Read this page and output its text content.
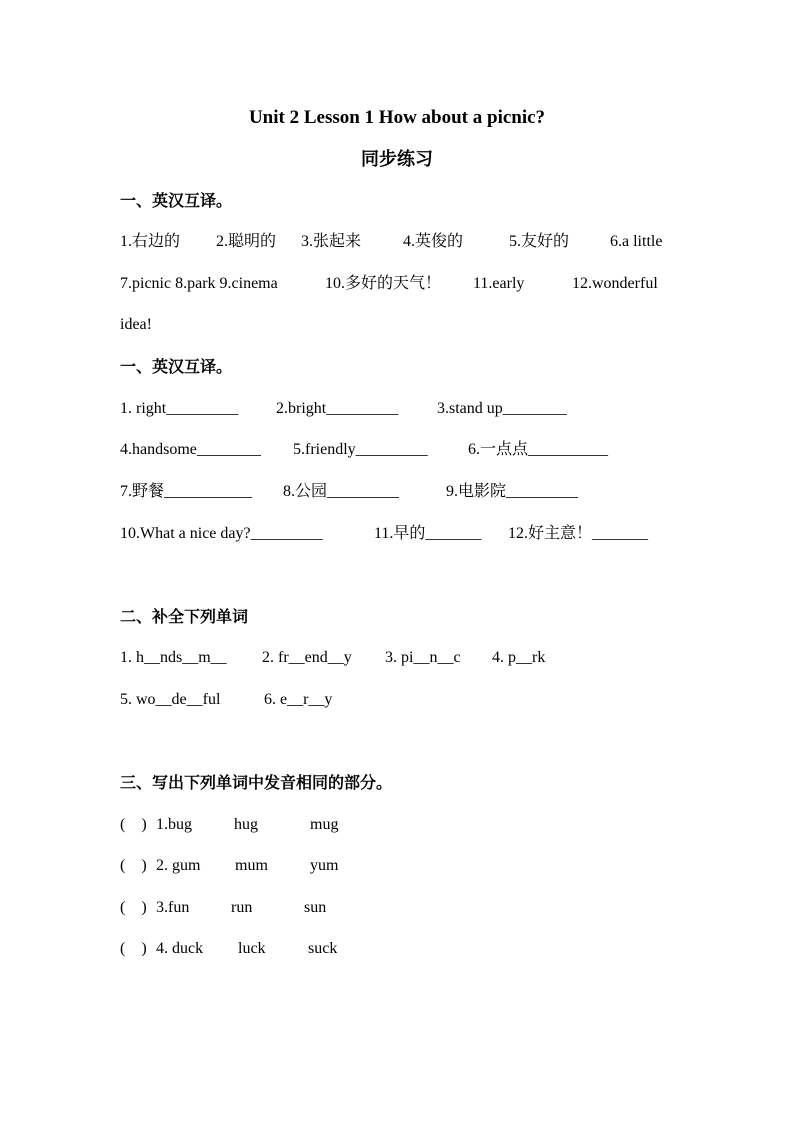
Unit 2 Lesson 1 How about a picnic?
同步练习
一、英汉互译。

1.右边的

2.聪明的

3.张起来

	4.英俊的

	5.友好的

	6.a little

7.picnic 8.park 9.cinema

	10.多好的天气！

11.early

	12.wonderful

idea!
一、英汉互译。

1. right_________

2.bright_________

3.stand up________

4.handsome________

5.friendly_________

	6.一点点__________

7.野餐___________

8.公园_________

	9.电影院_________

10.What a nice day?_________

	11.早的_______

12.好主意！_______

二、补全下列单词

1. h__nds__m__

2. fr__end__y

3. pi__n__c

4. p__rk

5. wo__de__ful

	6. e__r__y

三、写出下列单词中发音相同的部分。

(    )

1.bug

	hug

	mug

(    )

2. gum

mum

	yum

(    )

3.fun

	run

	sun

(    )

4. duck

luck

	suck
